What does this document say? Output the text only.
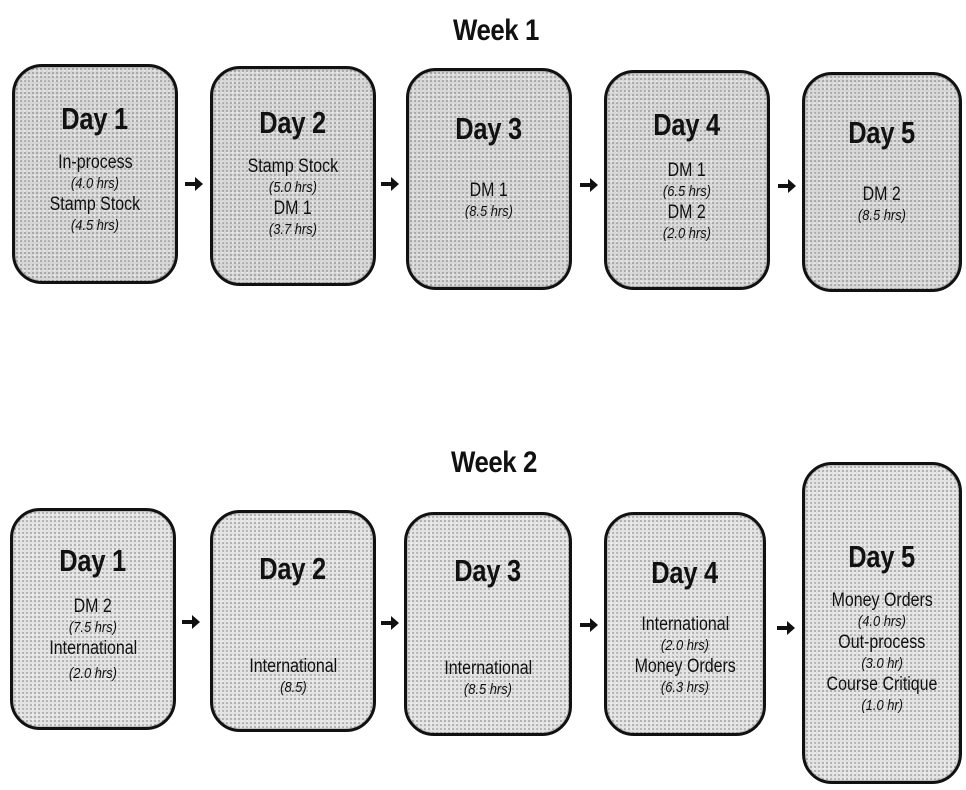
Week 1
Day 1
In-process
(4.0 hrs)
Stamp Stock
(4.5 hrs)
Day 2
Stamp Stock
(5.0 hrs)
DM 1
(3.7 hrs)
Day 3
DM 1
(8.5 hrs)
Day 4
DM 1
(6.5 hrs)
DM 2
(2.0 hrs)
Day 5
DM 2
(8.5 hrs)
Week 2
Day 1
DM 2
(7.5 hrs)
International
(2.0 hrs)
Day 2
International
(8.5)
Day 3
International
(8.5 hrs)
Day 4
International
(2.0 hrs)
Money Orders
(6.3 hrs)
Day 5
Money Orders
(4.0 hrs)
Out-process
(3.0 hr)
Course Critique
(1.0 hr)
